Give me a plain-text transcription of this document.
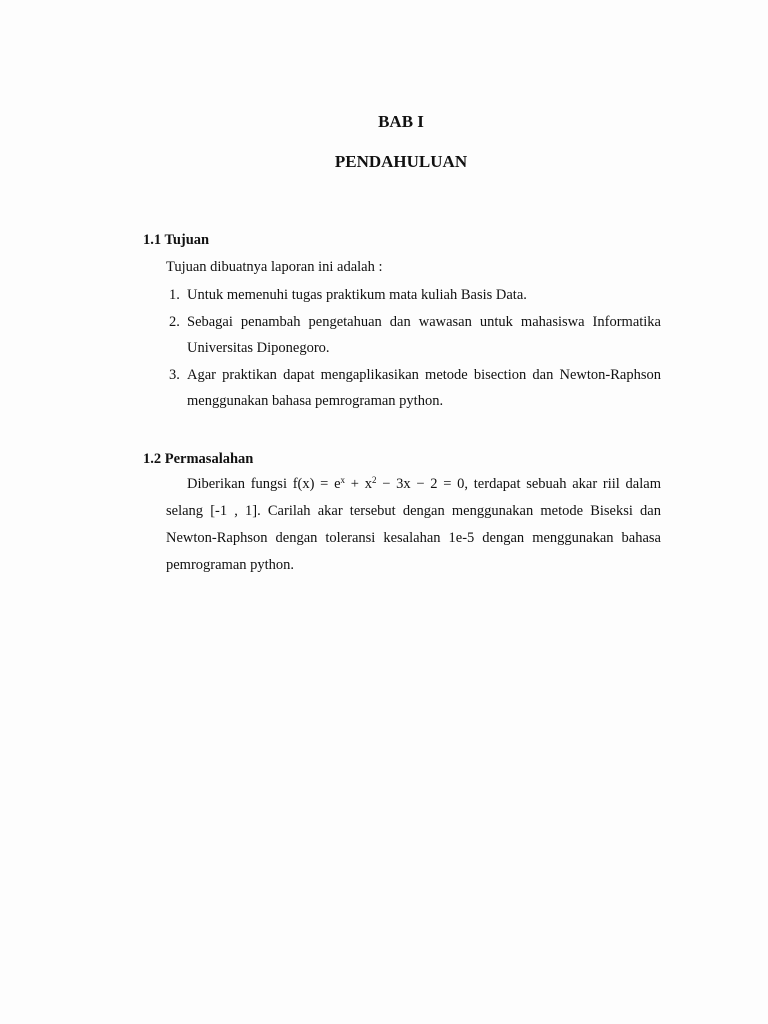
BAB I
PENDAHULUAN
1.1 Tujuan
Tujuan dibuatnya laporan ini adalah :
1. Untuk memenuhi tugas praktikum mata kuliah Basis Data.
2. Sebagai penambah pengetahuan dan wawasan untuk mahasiswa Informatika Universitas Diponegoro.
3. Agar praktikan dapat mengaplikasikan metode bisection dan Newton-Raphson menggunakan bahasa pemrograman python.
1.2 Permasalahan

Diberikan fungsi $f(x) = e^x + x^2 - 3x - 2 = 0$, terdapat sebuah akar riil dalam selang [-1 , 1]. Carilah akar tersebut dengan menggunakan metode Biseksi dan Newton-Raphson dengan toleransi kesalahan 1e-5 dengan menggunakan bahasa pemrograman python.
